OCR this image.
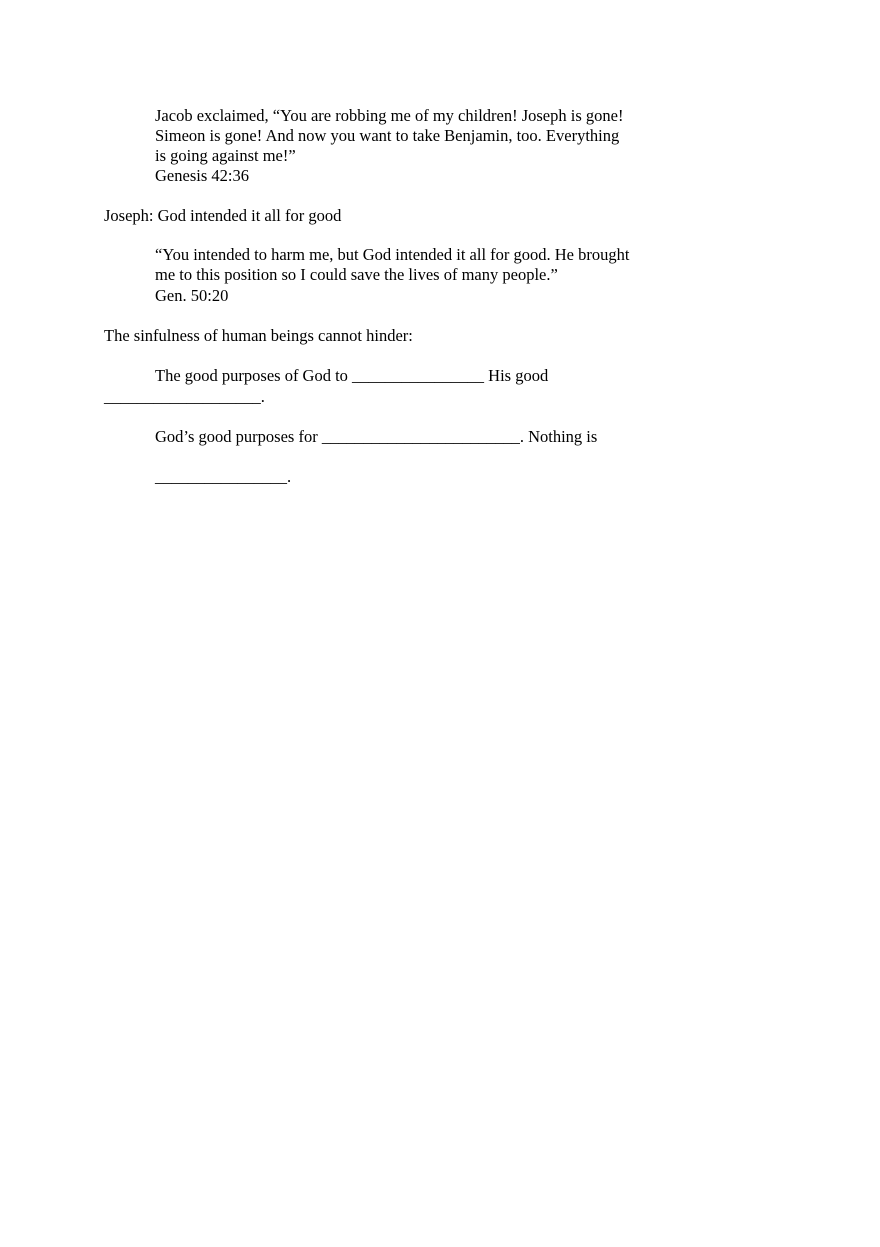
Jacob exclaimed, “You are robbing me of my children! Joseph is gone!
Simeon is gone! And now you want to take Benjamin, too. Everything
is going against me!”
Genesis 42:36
Joseph: God intended it all for good
“You intended to harm me, but God intended it all for good. He brought
me to this position so I could save the lives of many people.”
Gen. 50:20
The sinfulness of human beings cannot hinder:
The good purposes of God to ________________ His good
___________________.
God’s good purposes for ________________________. Nothing is
________________.
